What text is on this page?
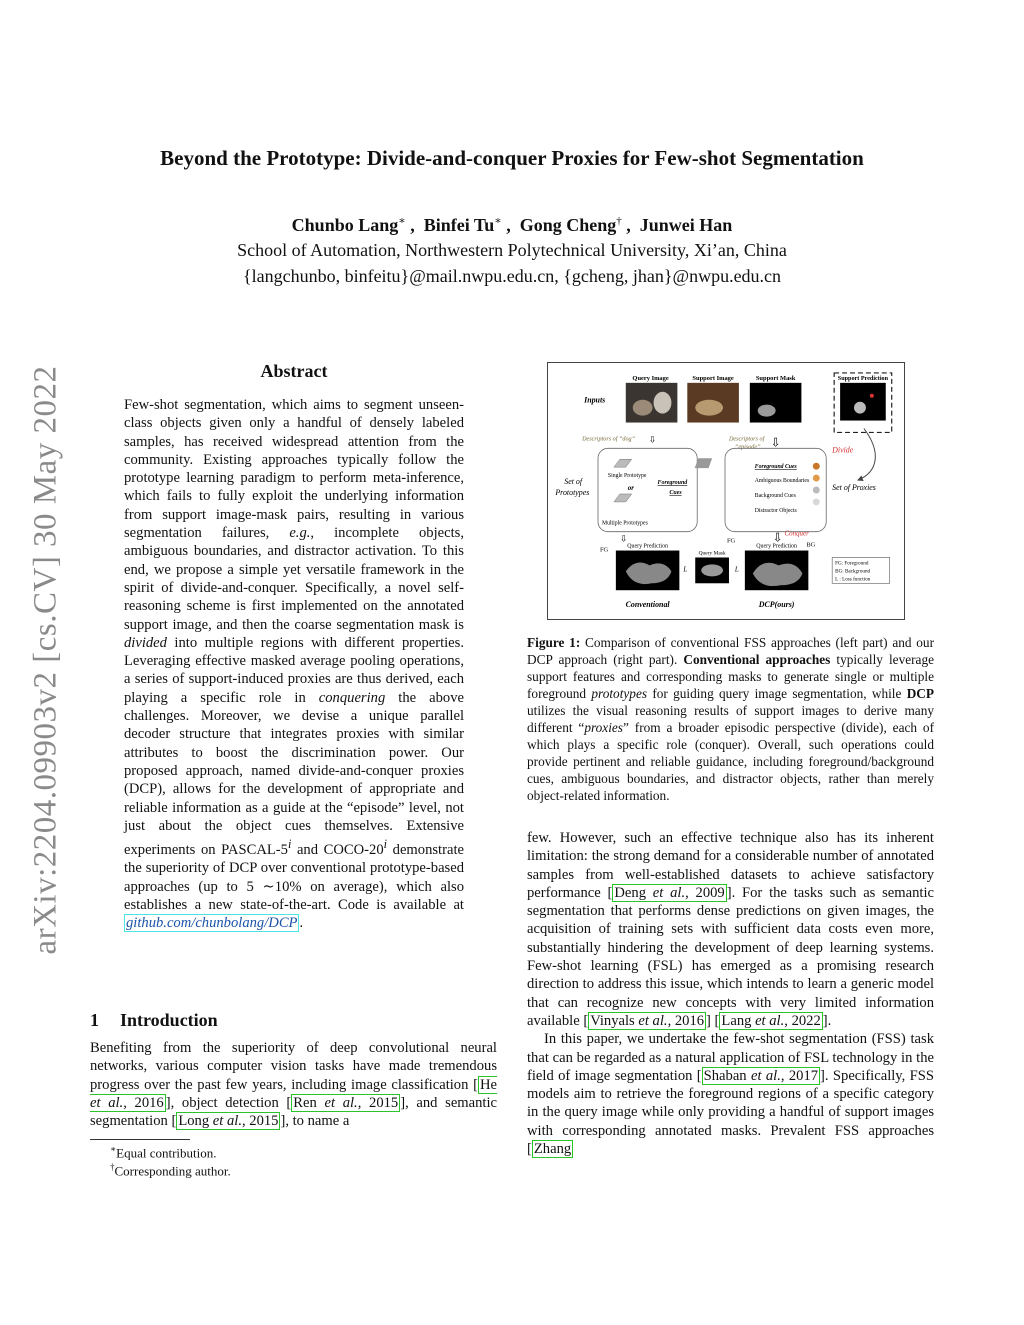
Beyond the Prototype: Divide-and-conquer Proxies for Few-shot Segmentation
Chunbo Lang∗ ,  Binfei Tu∗ ,  Gong Cheng† ,  Junwei Han
School of Automation, Northwestern Polytechnical University, Xi’an, China
{langchunbo, binfeitu}@mail.nwpu.edu.cn, {gcheng, jhan}@nwpu.edu.cn
arXiv:2204.09903v2 [cs.CV] 30 May 2022	Abstract
Few-shot segmentation, which aims to segment unseen-class objects given only a handful of densely labeled samples, has received widespread attention from the community. Existing approaches typically follow the prototype learning paradigm to perform meta-inference, which fails to fully exploit the underlying information from support image-mask pairs, resulting in various segmentation failures, e.g., incomplete objects, ambiguous boundaries, and distractor activation. To this end, we propose a simple yet versatile framework in the spirit of divide-and-conquer. Specifically, a novel self-reasoning scheme is first implemented on the annotated support image, and then the coarse segmentation mask is divided into multiple regions with different properties. Leveraging effective masked average pooling operations, a series of support-induced proxies are thus derived, each playing a specific role in conquering the above challenges. Moreover, we devise a unique parallel decoder structure that integrates proxies with similar attributes to boost the discrimination power. Our proposed approach, named divide-and-conquer proxies (DCP), allows for the development of appropriate and reliable information as a guide at the “episode” level, not just about the object cues themselves. Extensive experiments on PASCAL-5$^i$ and COCO-20$^i$ demonstrate the superiority of DCP over conventional prototype-based approaches (up to 5 ∼10% on average), which also establishes a new state-of-the-art. Code is available at github.com/chunbolang/DCP .
1 Introduction
Benefiting from the superiority of deep convolutional neural networks, various computer vision tasks have made tremendous progress over the past few years, including image classification [ He et al., 2016 ], object detection [ Ren et al., 2015 ], and semantic segmentation [ Long et al., 2015 ], to name a
∗Equal contribution.
†Corresponding author.
Query Image	Support Image	Support Mask	Support Prediction
Inputs
Descriptors of “dog” ⇩	Descriptors of
“episode” ⇩
Divide
Set of
Prototypes
Single Prototype
or
Multiple Prototypes
Foreground
Cues
Foreground Cues
Ambiguous Boundaries
Background Cues
Distractor Objects
Set of Proxies
⇩	⇩
FG
FG
Conquer
BG
Query Prediction
Query Mask
Query Prediction
L	L
FG: Foreground
BG: Background
L : Loss function
Conventional	DCP(ours)
Figure 1: Comparison of conventional FSS approaches (left part) and our DCP approach (right part). Conventional approaches typically leverage support features and corresponding masks to generate single or multiple foreground prototypes for guiding query image segmentation, while DCP utilizes the visual reasoning results of support images to derive many different “proxies” from a broader episodic perspective (divide), each of which plays a specific role (conquer). Overall, such operations could provide pertinent and reliable guidance, including foreground/background cues, ambiguous boundaries, and distractor objects, rather than merely object-related information.

few. However, such an effective technique also has its inherent limitation: the strong demand for a considerable number of annotated samples from well-established datasets to achieve satisfactory performance [ Deng et al., 2009 ]. For the tasks such as semantic segmentation that performs dense predictions on given images, the acquisition of training sets with sufficient data costs even more, substantially hindering the development of deep learning systems. Few-shot learning (FSL) has emerged as a promising research direction to address this issue, which intends to learn a generic model that can recognize new concepts with very limited information available [ Vinyals et al., 2016 ] [ Lang et al., 2022 ].

In this paper, we undertake the few-shot segmentation (FSS) task that can be regarded as a natural application of FSL technology in the field of image segmentation [ Shaban et al., 2017 ]. Specifically, FSS models aim to retrieve the foreground regions of a specific category in the query image while only providing a handful of support images with corresponding annotated masks. Prevalent FSS approaches [ Zhang
